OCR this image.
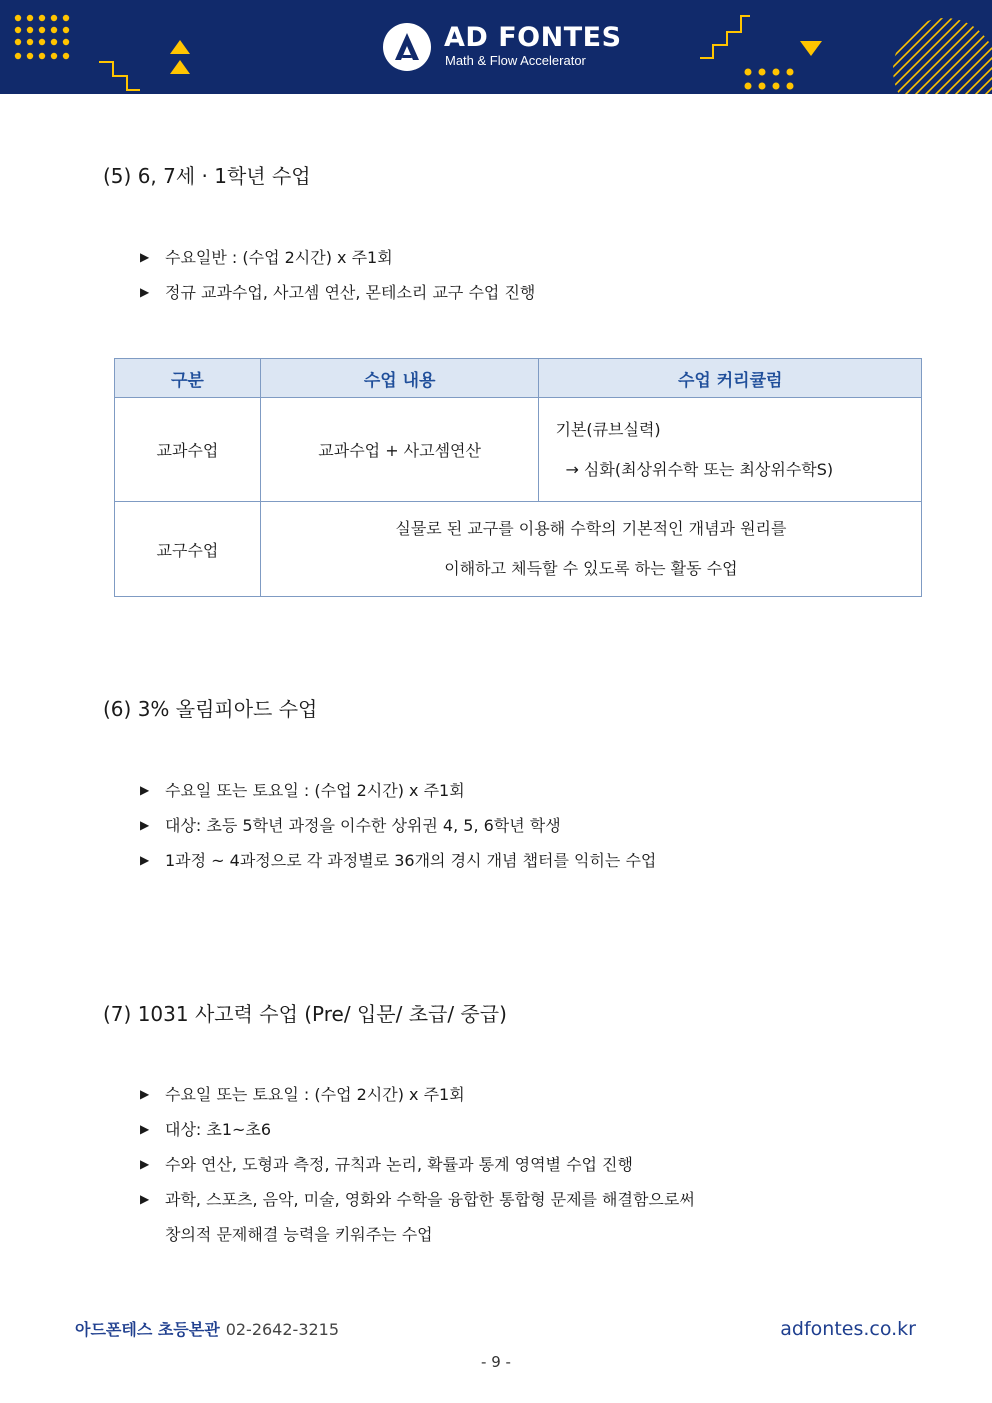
AD FONTES
Math & Flow Accelerator
(5) 6, 7세 · 1학년 수업
▶ 수요일반 : (수업 2시간) x 주1회
▶ 정규 교과수업, 사고셈 연산, 몬테소리 교구 수업 진행
구분	수업 내용	수업 커리큘럼
교과수업	교과수업 + 사고셈연산	기본(큐브실력)
→ 심화(최상위수학 또는 최상위수학S)

교구수업	실물로 된 교구를 이용해 수학의 기본적인 개념과 원리를
이해하고 체득할 수 있도록 하는 활동 수업	
(6) 3% 올림피아드 수업
▶ 수요일 또는 토요일 : (수업 2시간) x 주1회
▶ 대상: 초등 5학년 과정을 이수한 상위권 4, 5, 6학년 학생
▶ 1과정 ~ 4과정으로 각 과정별로 36개의 경시 개념 챕터를 익히는 수업
(7) 1031 사고력 수업 (Pre/ 입문/ 초급/ 중급)
▶ 수요일 또는 토요일 : (수업 2시간) x 주1회
▶ 대상: 초1~초6
▶ 수와 연산, 도형과 측정, 규칙과 논리, 확률과 통계 영역별 수업 진행
▶ 과학, 스포츠, 음악, 미술, 영화와 수학을 융합한 통합형 문제를 해결함으로써
창의적 문제해결 능력을 키워주는 수업
아드폰테스 초등본관 02-2642-3215	adfontes.co.kr
- 9 -
